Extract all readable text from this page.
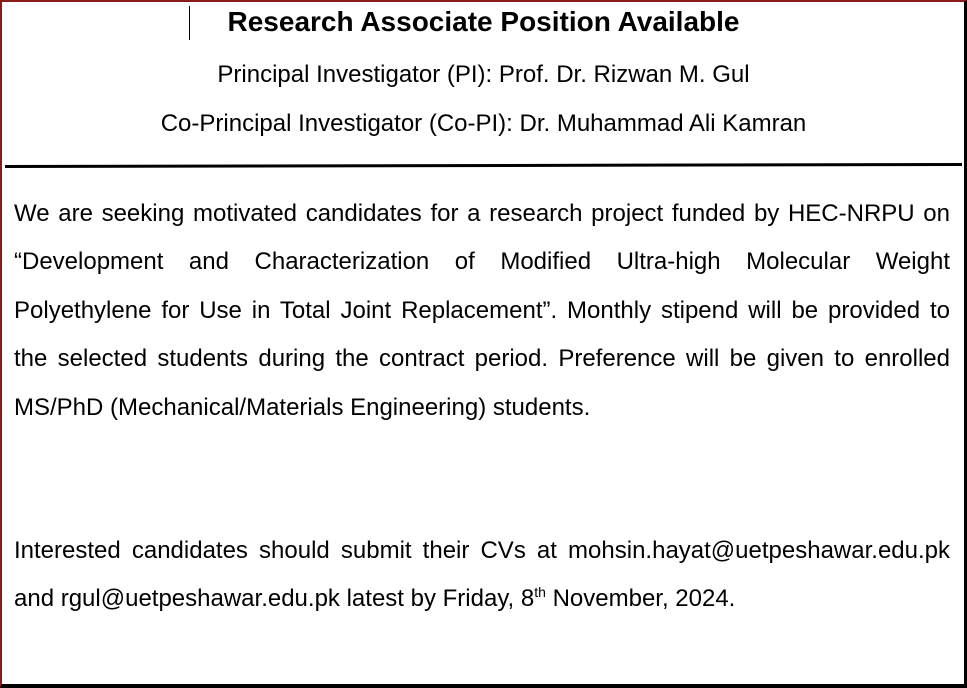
Research Associate Position Available
Principal Investigator (PI): Prof. Dr. Rizwan M. Gul
Co-Principal Investigator (Co-PI): Dr. Muhammad Ali Kamran

We are seeking motivated candidates for a research project funded by HEC-NRPU on “Development and Characterization of Modified Ultra-high Molecular Weight Polyethylene for Use in Total Joint Replacement”. Monthly stipend will be provided to the selected students during the contract period. Preference will be given to enrolled MS/PhD (Mechanical/Materials Engineering) students.

Interested candidates should submit their CVs at mohsin.hayat@uetpeshawar.edu.pk and rgul@uetpeshawar.edu.pk latest by Friday, 8th November, 2024.
